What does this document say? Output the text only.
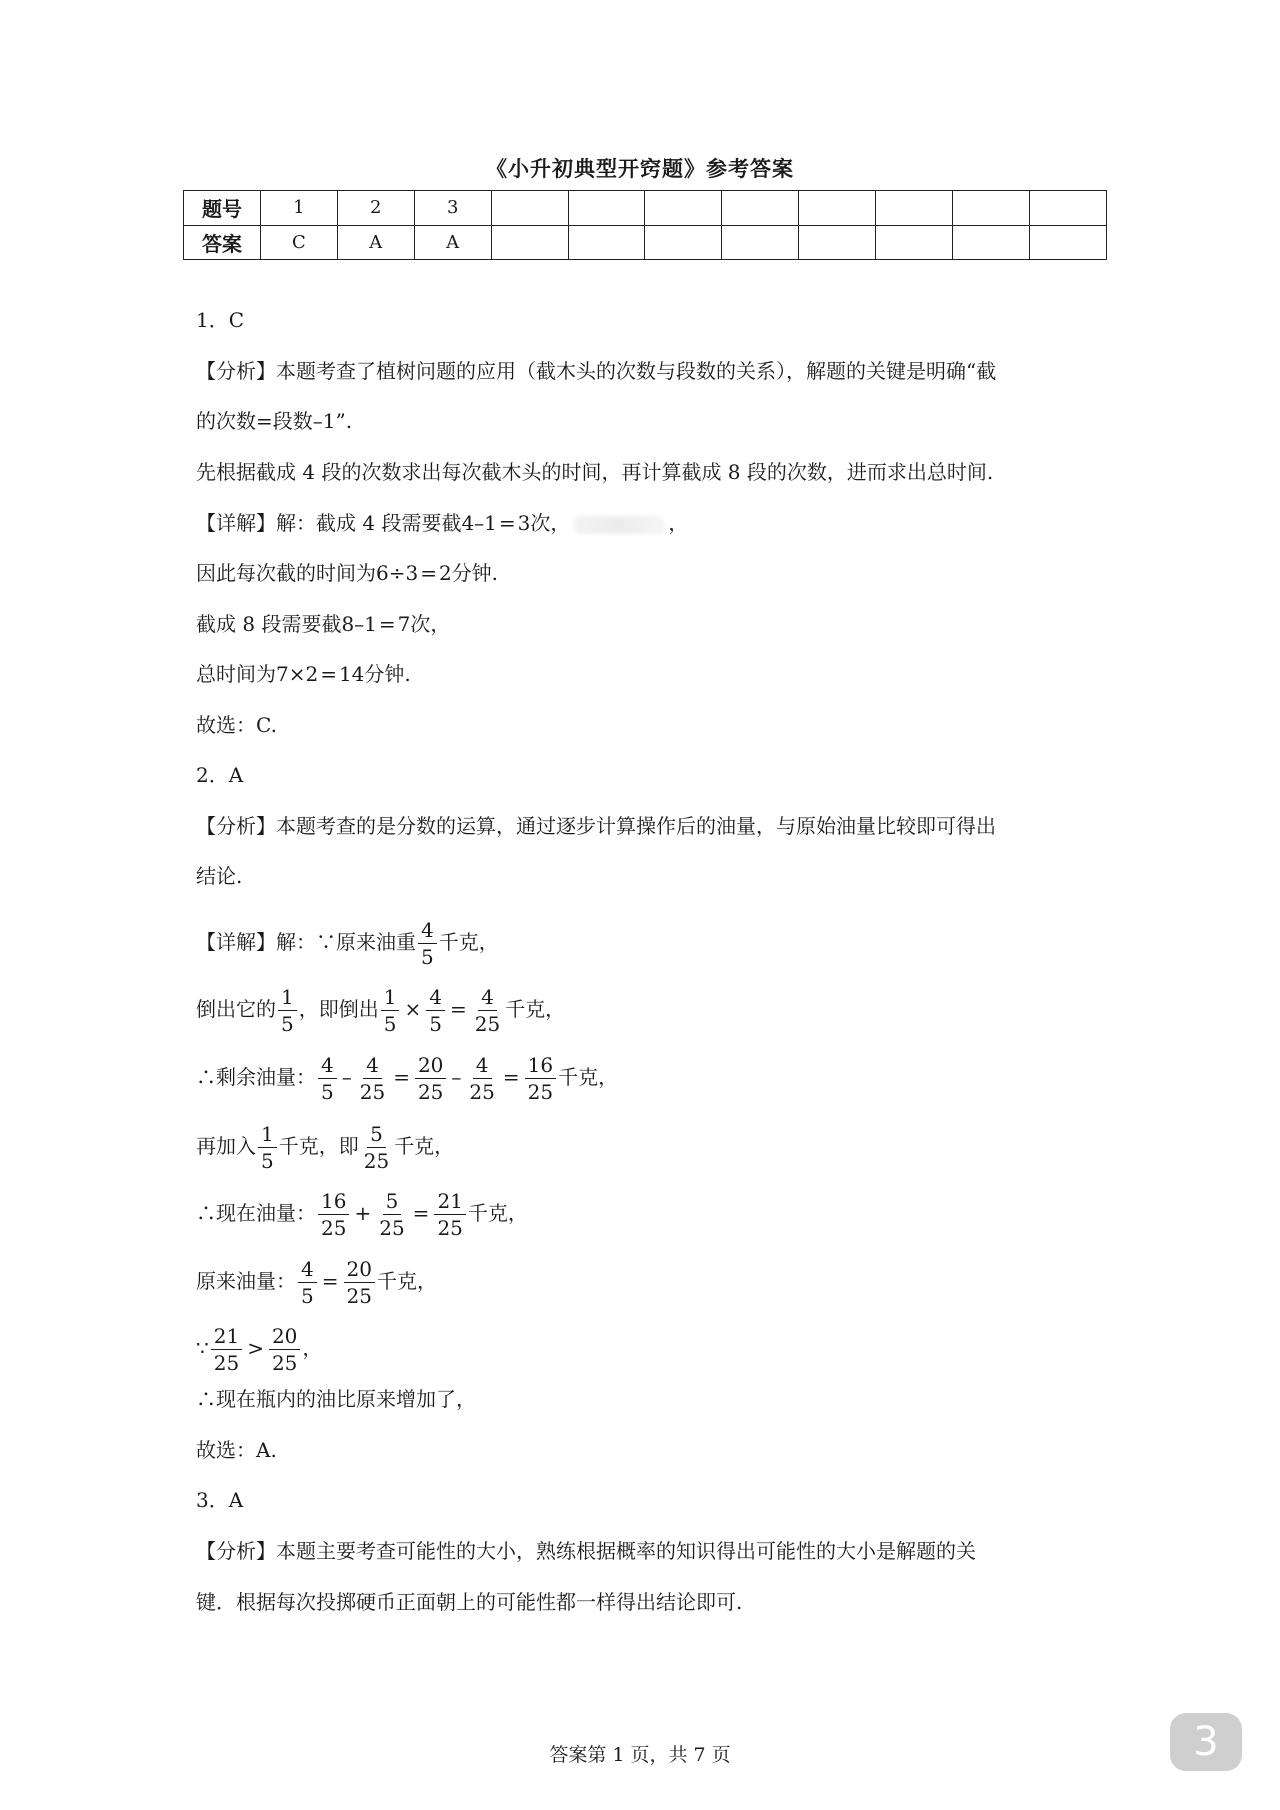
《小升初典型开窍题》参考答案
题号	1	2	3								
答案	C	A	A								
1．C
【分析】本题考查了植树问题的应用（截木头的次数与段数的关系），解题的关键是明确“截
的次数=段数–1”.
先根据截成 4 段的次数求出每次截木头的时间，再计算截成 8 段的次数，进而求出总时间.
【详解】解：截成 4 段需要截4–1 = 3次，	，
因此每次截的时间为6÷3 = 2分钟.
截成 8 段需要截8–1 = 7次，
总时间为7×2 = 14分钟.
故选：C.
2．A
【分析】本题考查的是分数的运算，通过逐步计算操作后的油量，与原始油量比较即可得出
结论.
【详解】解：∵原来油重 $\frac{4}{5}$ 千克，
倒出它的 $\frac{1}{5}$ ，即倒出 $\frac{1}{5} \times \frac{4}{5} = \frac{4}{25}$ 千克，
∴剩余油量： $\frac{4}{5} - \frac{4}{25} = \frac{20}{25} - \frac{4}{25} = \frac{16}{25}$ 千克，
再加入 $\frac{1}{5}$ 千克，即 $\frac{5}{25}$ 千克，
∴现在油量： $\frac{16}{25} + \frac{5}{25} = \frac{21}{25}$ 千克，
原来油量： $\frac{4}{5} = \frac{20}{25}$ 千克，
∵ $\frac{21}{25} > \frac{20}{25}$ ，
∴现在瓶内的油比原来增加了，
故选：A.
3．A
【分析】本题主要考查可能性的大小，熟练根据概率的知识得出可能性的大小是解题的关
键．根据每次投掷硬币正面朝上的可能性都一样得出结论即可.
答案第 1 页，共 7 页	3
